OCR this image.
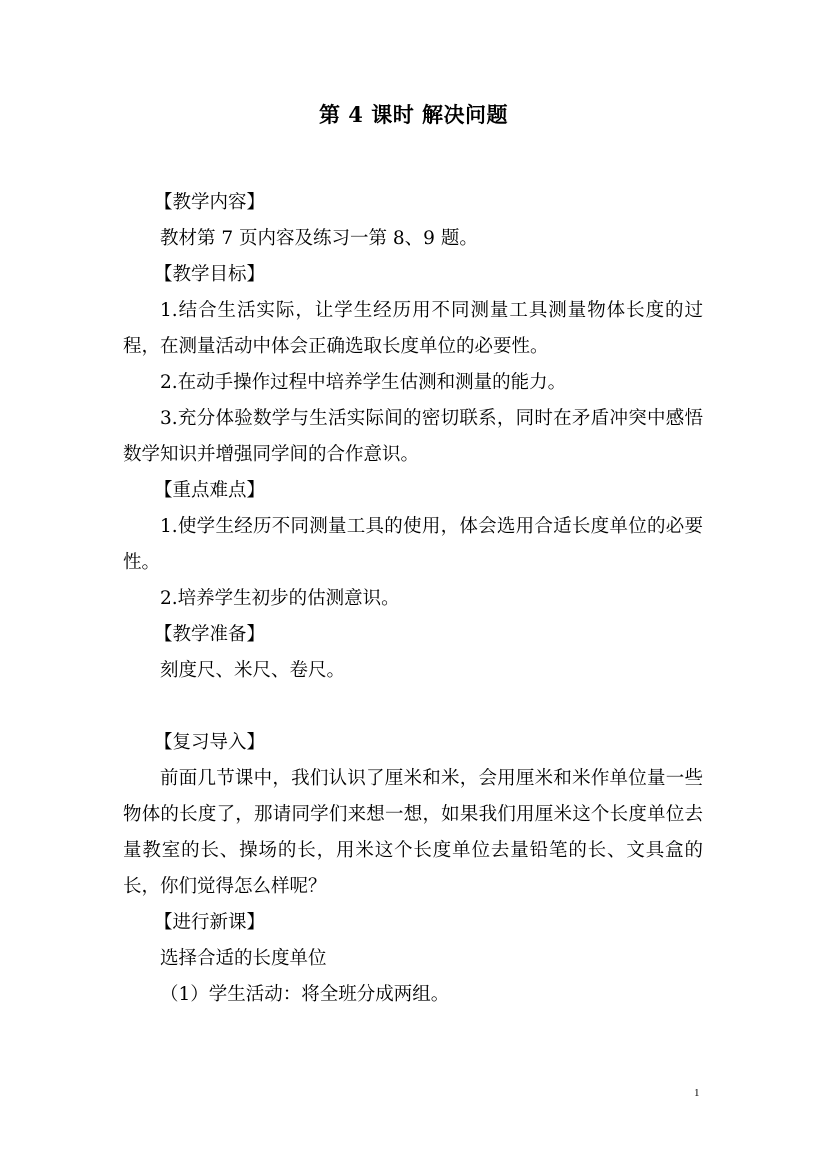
第 4 课时 解决问题

【教学内容】

教材第 7 页内容及练习一第 8、9 题。

【教学目标】

1.结合生活实际，让学生经历用不同测量工具测量物体长度的过程，在测量活动中体会正确选取长度单位的必要性。

2.在动手操作过程中培养学生估测和测量的能力。

3.充分体验数学与生活实际间的密切联系，同时在矛盾冲突中感悟数学知识并增强同学间的合作意识。

【重点难点】

1.使学生经历不同测量工具的使用，体会选用合适长度单位的必要性。

2.培养学生初步的估测意识。

【教学准备】

刻度尺、米尺、卷尺。

【复习导入】

前面几节课中，我们认识了厘米和米，会用厘米和米作单位量一些物体的长度了，那请同学们来想一想，如果我们用厘米这个长度单位去量教室的长、操场的长，用米这个长度单位去量铅笔的长、文具盒的长，你们觉得怎么样呢？

【进行新课】

选择合适的长度单位

（1）学生活动：将全班分成两组。

1
